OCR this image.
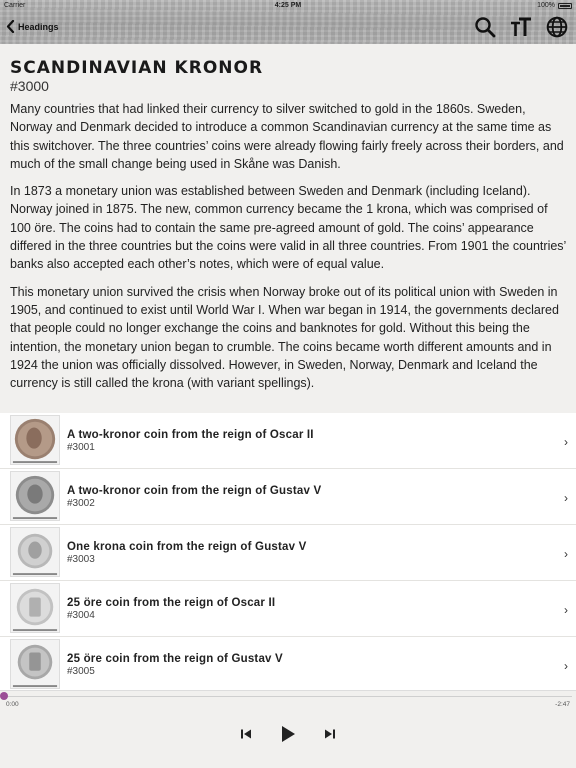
Carrier	4:25 PM	100%
Headings
SCANDINAVIAN KRONOR
#3000

Many countries that had linked their currency to silver switched to gold in the 1860s. Sweden, Norway and Denmark decided to introduce a common Scandinavian currency at the same time as this switchover. The three countries’ coins were already flowing fairly freely across their borders, and much of the small change being used in Skåne was Danish.

In 1873 a monetary union was established between Sweden and Denmark (including Iceland). Norway joined in 1875. The new, common currency became the 1 krona, which was comprised of 100 öre. The coins had to contain the same pre-agreed amount of gold. The coins’ appearance differed in the three countries but the coins were valid in all three countries. From 1901 the countries’ banks also accepted each other’s notes, which were of equal value.

This monetary union survived the crisis when Norway broke out of its political union with Sweden in 1905, and continued to exist until World War I. When war began in 1914, the governments declared that people could no longer exchange the coins and banknotes for gold. Without this being the intention, the monetary union began to crumble. The coins became worth different amounts and in 1924 the union was officially dissolved. However, in Sweden, Norway, Denmark and Iceland the currency is still called the krona (with variant spellings).

A two-kronor coin from the reign of Oscar II
#3001	›
A two-kronor coin from the reign of Gustav V
#3002	›
One krona coin from the reign of Gustav V
#3003	›
25 öre coin from the reign of Oscar II
#3004	›
25 öre coin from the reign of Gustav V
#3005	›
0:00	-2:47
